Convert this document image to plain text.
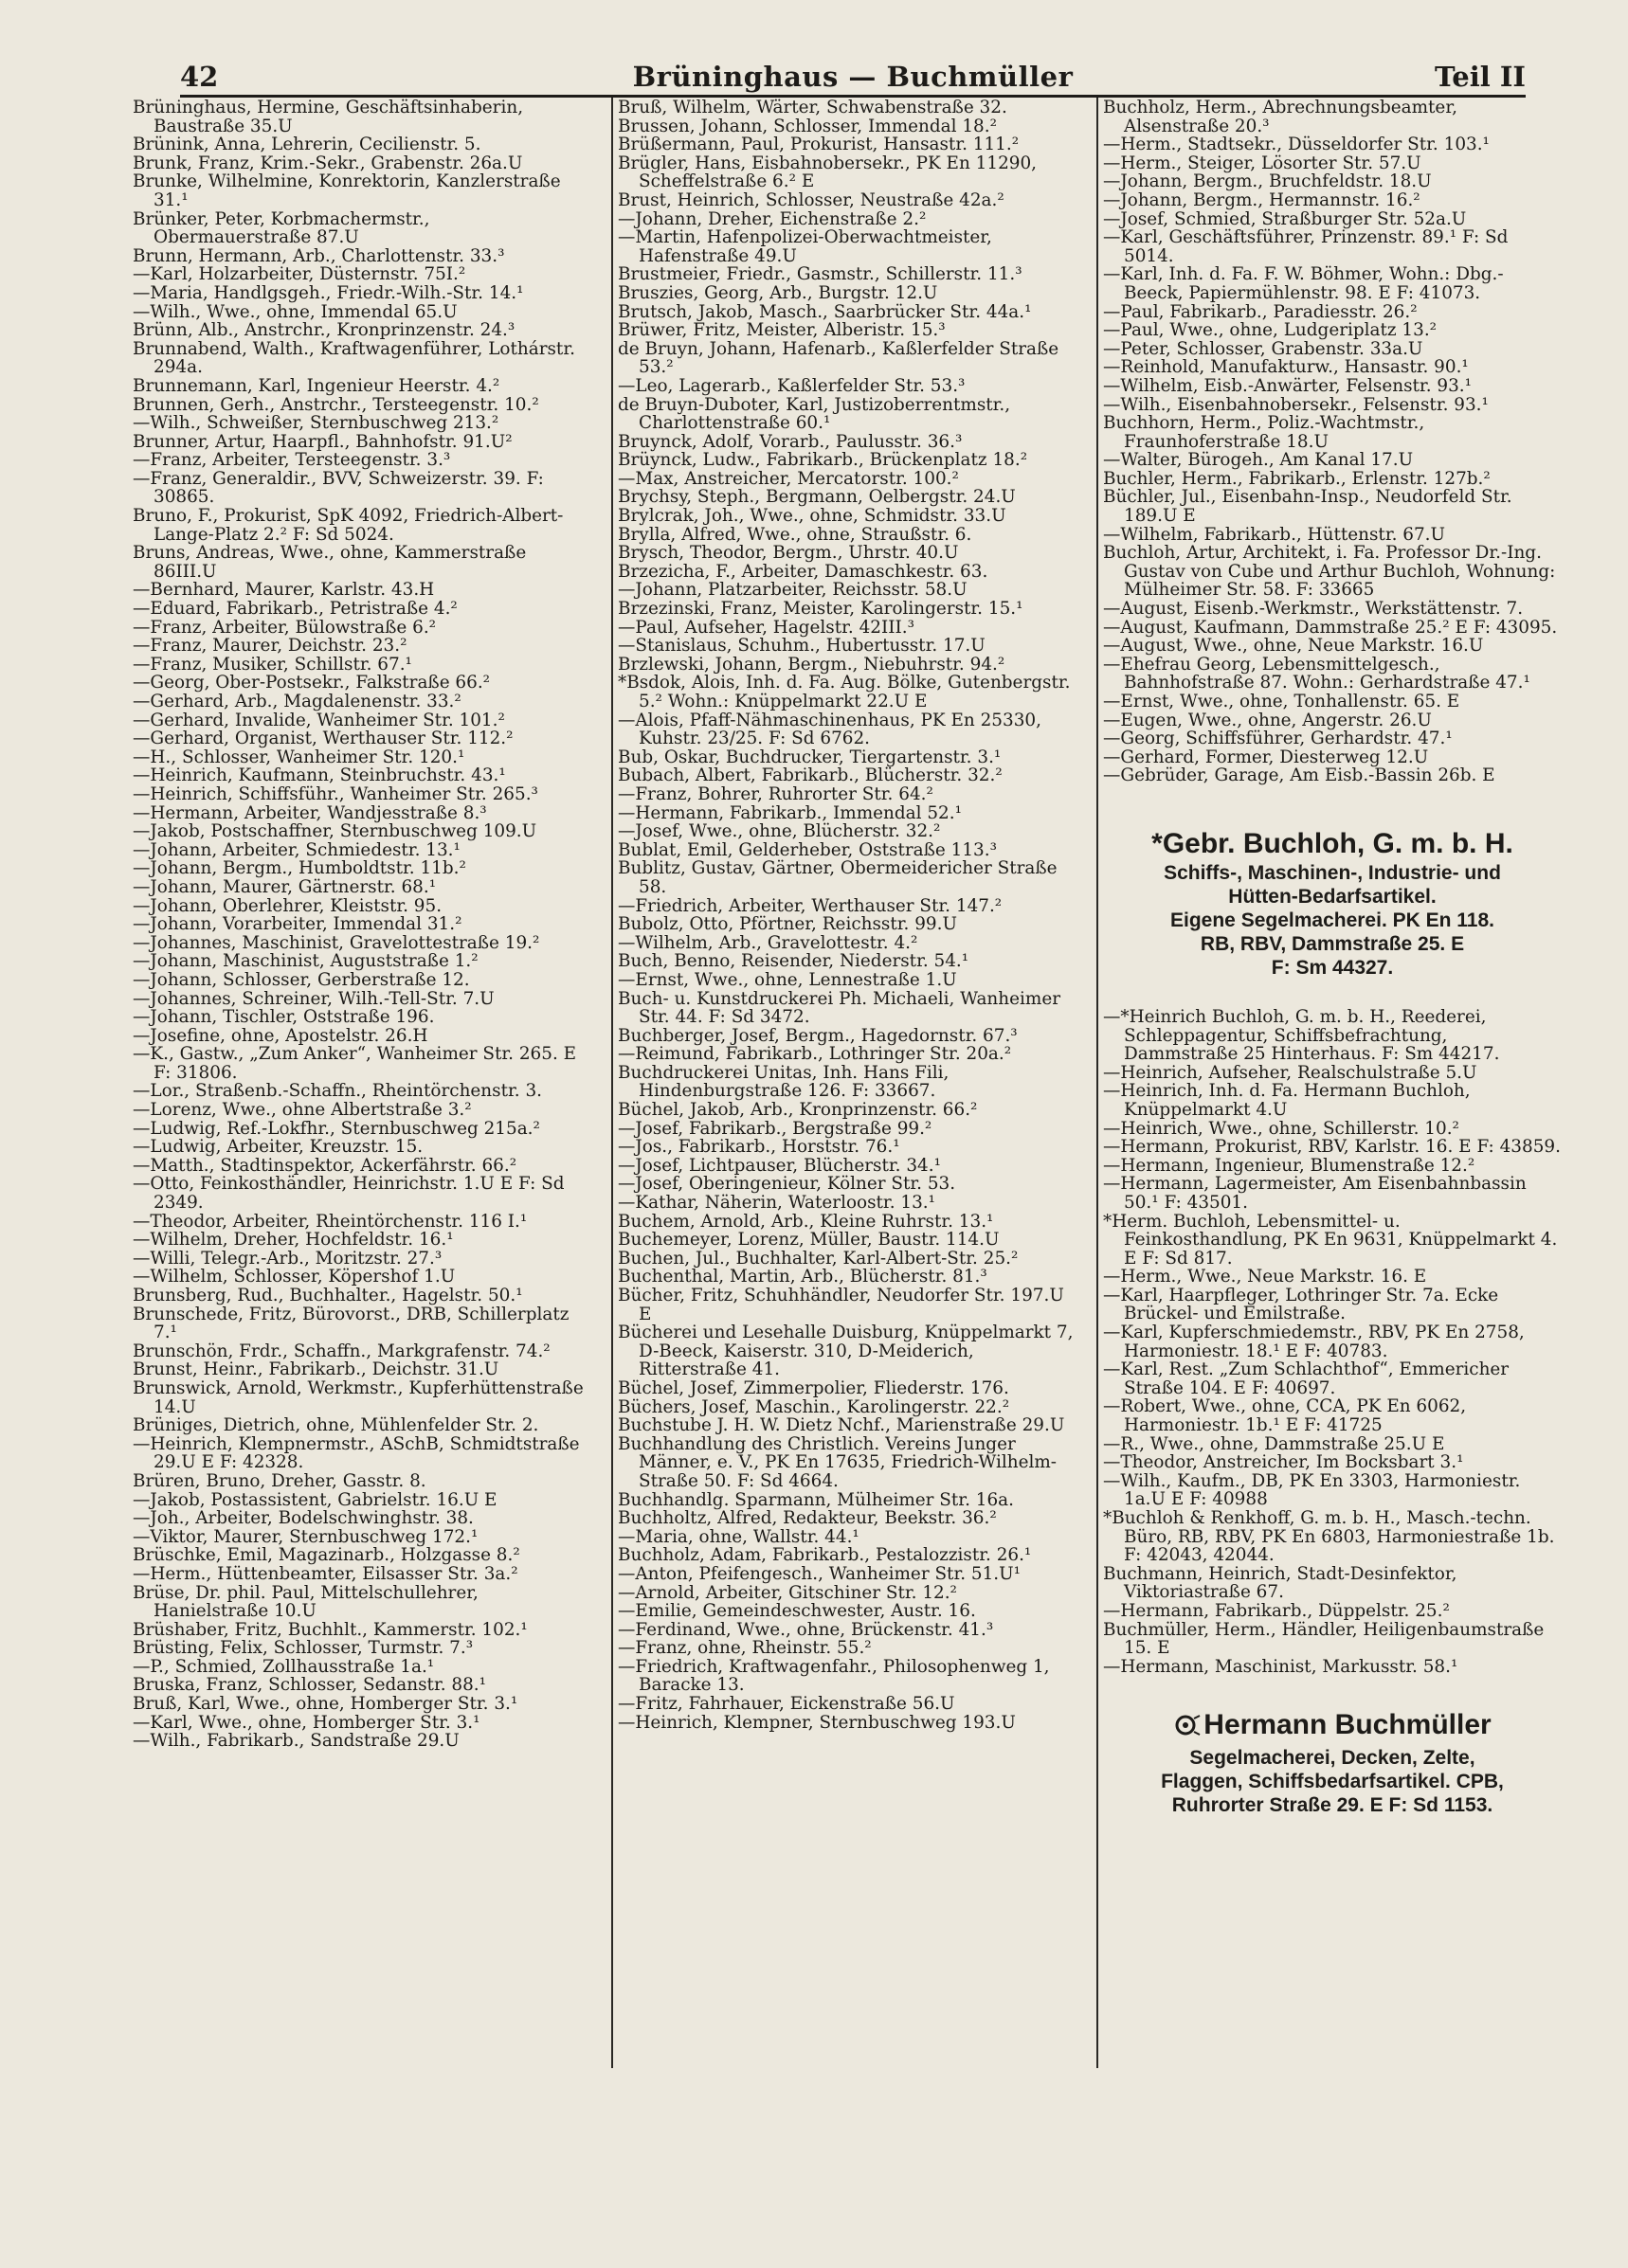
42	Brüninghaus — Buchmüller	Teil II
Brüninghaus, Hermine, Geschäftsinhaberin, Baustraße 35.U
Brünink, Anna, Lehrerin, Cecilienstr. 5.
Brunk, Franz, Krim.-Sekr., Grabenstr. 26a.U
Brunke, Wilhelmine, Konrektorin, Kanzlerstraße 31.¹
Brünker, Peter, Korbmachermstr., Obermauerstraße 87.U
Brunn, Hermann, Arb., Charlottenstr. 33.³
—Karl, Holzarbeiter, Düsternstr. 75I.²
—Maria, Handlgsgeh., Friedr.-Wilh.-Str. 14.¹
—Wilh., Wwe., ohne, Immendal 65.U
Brünn, Alb., Anstrchr., Kronprinzenstr. 24.³
Brunnabend, Walth., Kraftwagenführer, Lothárstr. 294a.
Brunnemann, Karl, Ingenieur Heerstr. 4.²
Brunnen, Gerh., Anstrchr., Tersteegenstr. 10.²
—Wilh., Schweißer, Sternbuschweg 213.²
Brunner, Artur, Haarpfl., Bahnhofstr. 91.U²
—Franz, Arbeiter, Tersteegenstr. 3.³
—Franz, Generaldir., BVV, Schweizerstr. 39. F: 30865.
Bruno, F., Prokurist, SpK 4092, Friedrich-Albert-Lange-Platz 2.² F: Sd 5024.
Bruns, Andreas, Wwe., ohne, Kammerstraße 86III.U
—Bernhard, Maurer, Karlstr. 43.H
—Eduard, Fabrikarb., Petristraße 4.²
—Franz, Arbeiter, Bülowstraße 6.²
—Franz, Maurer, Deichstr. 23.²
—Franz, Musiker, Schillstr. 67.¹
—Georg, Ober-Postsekr., Falkstraße 66.²
—Gerhard, Arb., Magdalenenstr. 33.²
—Gerhard, Invalide, Wanheimer Str. 101.²
—Gerhard, Organist, Werthauser Str. 112.²
—H., Schlosser, Wanheimer Str. 120.¹
—Heinrich, Kaufmann, Steinbruchstr. 43.¹
—Heinrich, Schiffsführ., Wanheimer Str. 265.³
—Hermann, Arbeiter, Wandjesstraße 8.³
—Jakob, Postschaffner, Sternbuschweg 109.U
—Johann, Arbeiter, Schmiedestr. 13.¹
—Johann, Bergm., Humboldtstr. 11b.²
—Johann, Maurer, Gärtnerstr. 68.¹
—Johann, Oberlehrer, Kleiststr. 95.
—Johann, Vorarbeiter, Immendal 31.²
—Johannes, Maschinist, Gravelottestraße 19.²
—Johann, Maschinist, Auguststraße 1.²
—Johann, Schlosser, Gerberstraße 12.
—Johannes, Schreiner, Wilh.-Tell-Str. 7.U
—Johann, Tischler, Oststraße 196.
—Josefine, ohne, Apostelstr. 26.H
—K., Gastw., „Zum Anker“, Wanheimer Str. 265. E F: 31806.
—Lor., Straßenb.-Schaffn., Rheintörchenstr. 3.
—Lorenz, Wwe., ohne Albertstraße 3.²
—Ludwig, Ref.-Lokfhr., Sternbuschweg 215a.²
—Ludwig, Arbeiter, Kreuzstr. 15.
—Matth., Stadtinspektor, Ackerfährstr. 66.²
—Otto, Feinkosthändler, Heinrichstr. 1.U E F: Sd 2349.
—Theodor, Arbeiter, Rheintörchenstr. 116 I.¹
—Wilhelm, Dreher, Hochfeldstr. 16.¹
—Willi, Telegr.-Arb., Moritzstr. 27.³
—Wilhelm, Schlosser, Köpershof 1.U
Brunsberg, Rud., Buchhalter., Hagelstr. 50.¹
Brunschede, Fritz, Bürovorst., DRB, Schillerplatz 7.¹
Brunschön, Frdr., Schaffn., Markgrafenstr. 74.²
Brunst, Heinr., Fabrikarb., Deichstr. 31.U
Brunswick, Arnold, Werkmstr., Kupferhüttenstraße 14.U
Brüniges, Dietrich, ohne, Mühlenfelder Str. 2.
—Heinrich, Klempnermstr., ASchB, Schmidtstraße 29.U E F: 42328.
Brüren, Bruno, Dreher, Gasstr. 8.
—Jakob, Postassistent, Gabrielstr. 16.U E
—Joh., Arbeiter, Bodelschwinghstr. 38.
—Viktor, Maurer, Sternbuschweg 172.¹
Brüschke, Emil, Magazinarb., Holzgasse 8.²
—Herm., Hüttenbeamter, Eilsasser Str. 3a.²
Brüse, Dr. phil. Paul, Mittelschullehrer, Hanielstraße 10.U
Brüshaber, Fritz, Buchhlt., Kammerstr. 102.¹
Brüsting, Felix, Schlosser, Turmstr. 7.³
—P., Schmied, Zollhausstraße 1a.¹
Bruska, Franz, Schlosser, Sedanstr. 88.¹
Bruß, Karl, Wwe., ohne, Homberger Str. 3.¹
—Karl, Wwe., ohne, Homberger Str. 3.¹
—Wilh., Fabrikarb., Sandstraße 29.U
Bruß, Wilhelm, Wärter, Schwabenstraße 32.
Brussen, Johann, Schlosser, Immendal 18.²
Brüßermann, Paul, Prokurist, Hansastr. 111.²
Brügler, Hans, Eisbahnobersekr., PK En 11290, Scheffelstraße 6.² E
Brust, Heinrich, Schlosser, Neustraße 42a.²
—Johann, Dreher, Eichenstraße 2.²
—Martin, Hafenpolizei-Oberwachtmeister, Hafenstraße 49.U
Brustmeier, Friedr., Gasmstr., Schillerstr. 11.³
Bruszies, Georg, Arb., Burgstr. 12.U
Brutsch, Jakob, Masch., Saarbrücker Str. 44a.¹
Brüwer, Fritz, Meister, Alberistr. 15.³
de Bruyn, Johann, Hafenarb., Kaßlerfelder Straße 53.²
—Leo, Lagerarb., Kaßlerfelder Str. 53.³
de Bruyn-Duboter, Karl, Justizoberrentmstr., Charlottenstraße 60.¹
Bruynck, Adolf, Vorarb., Paulusstr. 36.³
Brüynck, Ludw., Fabrikarb., Brückenplatz 18.²
—Max, Anstreicher, Mercatorstr. 100.²
Brychsy, Steph., Bergmann, Oelbergstr. 24.U
Brylcrak, Joh., Wwe., ohne, Schmidstr. 33.U
Brylla, Alfred, Wwe., ohne, Straußstr. 6.
Brysch, Theodor, Bergm., Uhrstr. 40.U
Brzezicha, F., Arbeiter, Damaschkestr. 63.
—Johann, Platzarbeiter, Reichsstr. 58.U
Brzezinski, Franz, Meister, Karolingerstr. 15.¹
—Paul, Aufseher, Hagelstr. 42III.³
—Stanislaus, Schuhm., Hubertusstr. 17.U
Brzlewski, Johann, Bergm., Niebuhrstr. 94.²
*Bsdok, Alois, Inh. d. Fa. Aug. Bölke, Gutenbergstr. 5.² Wohn.: Knüppelmarkt 22.U E
—Alois, Pfaff-Nähmaschinenhaus, PK En 25330, Kuhstr. 23/25. F: Sd 6762.
Bub, Oskar, Buchdrucker, Tiergartenstr. 3.¹
Bubach, Albert, Fabrikarb., Blücherstr. 32.²
—Franz, Bohrer, Ruhrorter Str. 64.²
—Hermann, Fabrikarb., Immendal 52.¹
—Josef, Wwe., ohne, Blücherstr. 32.²
Bublat, Emil, Gelderheber, Oststraße 113.³
Bublitz, Gustav, Gärtner, Obermeidericher Straße 58.
—Friedrich, Arbeiter, Werthauser Str. 147.²
Bubolz, Otto, Pförtner, Reichsstr. 99.U
—Wilhelm, Arb., Gravelottestr. 4.²
Buch, Benno, Reisender, Niederstr. 54.¹
—Ernst, Wwe., ohne, Lennestraße 1.U
Buch- u. Kunstdruckerei Ph. Michaeli, Wanheimer Str. 44. F: Sd 3472.
Buchberger, Josef, Bergm., Hagedornstr. 67.³
—Reimund, Fabrikarb., Lothringer Str. 20a.²
Buchdruckerei Unitas, Inh. Hans Fili, Hindenburgstraße 126. F: 33667.
Büchel, Jakob, Arb., Kronprinzenstr. 66.²
—Josef, Fabrikarb., Bergstraße 99.²
—Jos., Fabrikarb., Horststr. 76.¹
—Josef, Lichtpauser, Blücherstr. 34.¹
—Josef, Oberingenieur, Kölner Str. 53.
—Kathar, Näherin, Waterloostr. 13.¹
Buchem, Arnold, Arb., Kleine Ruhrstr. 13.¹
Buchemeyer, Lorenz, Müller, Baustr. 114.U
Buchen, Jul., Buchhalter, Karl-Albert-Str. 25.²
Buchenthal, Martin, Arb., Blücherstr. 81.³
Bücher, Fritz, Schuhhändler, Neudorfer Str. 197.U E
Bücherei und Lesehalle Duisburg, Knüppelmarkt 7, D-Beeck, Kaiserstr. 310, D-Meiderich, Ritterstraße 41.
Büchel, Josef, Zimmerpolier, Fliederstr. 176.
Büchers, Josef, Maschin., Karolingerstr. 22.²
Buchstube J. H. W. Dietz Nchf., Marienstraße 29.U
Buchhandlung des Christlich. Vereins Junger Männer, e. V., PK En 17635, Friedrich-Wilhelm-Straße 50. F: Sd 4664.
Buchhandlg. Sparmann, Mülheimer Str. 16a.
Buchholtz, Alfred, Redakteur, Beekstr. 36.²
—Maria, ohne, Wallstr. 44.¹
Buchholz, Adam, Fabrikarb., Pestalozzistr. 26.¹
—Anton, Pfeifengesch., Wanheimer Str. 51.U¹
—Arnold, Arbeiter, Gitschiner Str. 12.²
—Emilie, Gemeindeschwester, Austr. 16.
—Ferdinand, Wwe., ohne, Brückenstr. 41.³
—Franz, ohne, Rheinstr. 55.²
—Friedrich, Kraftwagenfahr., Philosophenweg 1, Baracke 13.
—Fritz, Fahrhauer, Eickenstraße 56.U
—Heinrich, Klempner, Sternbuschweg 193.U
Buchholz, Herm., Abrechnungsbeamter, Alsenstraße 20.³
—Herm., Stadtsekr., Düsseldorfer Str. 103.¹
—Herm., Steiger, Lösorter Str. 57.U
—Johann, Bergm., Bruchfeldstr. 18.U
—Johann, Bergm., Hermannstr. 16.²
—Josef, Schmied, Straßburger Str. 52a.U
—Karl, Geschäftsführer, Prinzenstr. 89.¹ F: Sd 5014.
—Karl, Inh. d. Fa. F. W. Böhmer, Wohn.: Dbg.-Beeck, Papiermühlenstr. 98. E F: 41073.
—Paul, Fabrikarb., Paradiesstr. 26.²
—Paul, Wwe., ohne, Ludgeriplatz 13.²
—Peter, Schlosser, Grabenstr. 33a.U
—Reinhold, Manufakturw., Hansastr. 90.¹
—Wilhelm, Eisb.-Anwärter, Felsenstr. 93.¹
—Wilh., Eisenbahnobersekr., Felsenstr. 93.¹
Buchhorn, Herm., Poliz.-Wachtmstr., Fraunhoferstraße 18.U
—Walter, Bürogeh., Am Kanal 17.U
Buchler, Herm., Fabrikarb., Erlenstr. 127b.²
Büchler, Jul., Eisenbahn-Insp., Neudorfeld Str. 189.U E
—Wilhelm, Fabrikarb., Hüttenstr. 67.U
Buchloh, Artur, Architekt, i. Fa. Professor Dr.-Ing. Gustav von Cube und Arthur Buchloh, Wohnung: Mülheimer Str. 58. F: 33665
—August, Eisenb.-Werkmstr., Werkstättenstr. 7.
—August, Kaufmann, Dammstraße 25.² E F: 43095.
—August, Wwe., ohne, Neue Markstr. 16.U
—Ehefrau Georg, Lebensmittelgesch., Bahnhofstraße 87. Wohn.: Gerhardstraße 47.¹
—Ernst, Wwe., ohne, Tonhallenstr. 65. E
—Eugen, Wwe., ohne, Angerstr. 26.U
—Georg, Schiffsführer, Gerhardstr. 47.¹
—Gerhard, Former, Diesterweg 12.U
—Gebrüder, Garage, Am Eisb.-Bassin 26b. E
*Gebr. Buchloh, G. m. b. H.
Schiffs-, Maschinen-, Industrie- und
Hütten-Bedarfsartikel.
Eigene Segelmacherei. PK En 118.
RB, RBV, Dammstraße 25. E
F: Sm 44327.
—*Heinrich Buchloh, G. m. b. H., Reederei, Schleppagentur, Schiffsbefrachtung, Dammstraße 25 Hinterhaus. F: Sm 44217.
—Heinrich, Aufseher, Realschulstraße 5.U
—Heinrich, Inh. d. Fa. Hermann Buchloh, Knüppelmarkt 4.U
—Heinrich, Wwe., ohne, Schillerstr. 10.²
—Hermann, Prokurist, RBV, Karlstr. 16. E F: 43859.
—Hermann, Ingenieur, Blumenstraße 12.²
—Hermann, Lagermeister, Am Eisenbahnbassin 50.¹ F: 43501.
*Herm. Buchloh, Lebensmittel- u. Feinkosthandlung, PK En 9631, Knüppelmarkt 4. E F: Sd 817.
—Herm., Wwe., Neue Markstr. 16. E
—Karl, Haarpfleger, Lothringer Str. 7a. Ecke Brückel- und Emilstraße.
—Karl, Kupferschmiedemstr., RBV, PK En 2758, Harmoniestr. 18.¹ E F: 40783.
—Karl, Rest. „Zum Schlachthof“, Emmericher Straße 104. E F: 40697.
—Robert, Wwe., ohne, CCA, PK En 6062, Harmoniestr. 1b.¹ E F: 41725
—R., Wwe., ohne, Dammstraße 25.U E
—Theodor, Anstreicher, Im Bocksbart 3.¹
—Wilh., Kaufm., DB, PK En 3303, Harmoniestr. 1a.U E F: 40988
*Buchloh & Renkhoff, G. m. b. H., Masch.-techn. Büro, RB, RBV, PK En 6803, Harmoniestraße 1b. F: 42043, 42044.
Buchmann, Heinrich, Stadt-Desinfektor, Viktoriastraße 67.
—Hermann, Fabrikarb., Düppelstr. 25.²
Buchmüller, Herm., Händler, Heiligenbaumstraße 15. E
—Hermann, Maschinist, Markusstr. 58.¹
Hermann Buchmüller
Segelmacherei, Decken, Zelte,
Flaggen, Schiffsbedarfsartikel. CPB,
Ruhrorter Straße 29. E F: Sd 1153.
